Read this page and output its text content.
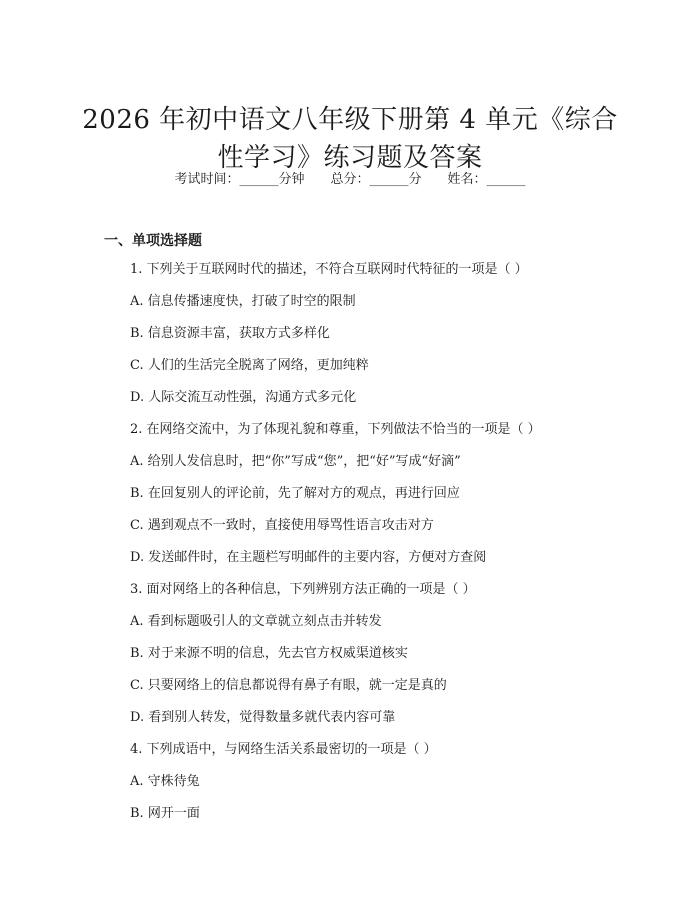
2026 年初中语文八年级下册第 4 单元《综合
性学习》练习题及答案
考试时间：______分钟 总分：______分 姓名：______
一、单项选择题
1. 下列关于互联网时代的描述，不符合互联网时代特征的一项是（ ）
A. 信息传播速度快，打破了时空的限制
B. 信息资源丰富，获取方式多样化
C. 人们的生活完全脱离了网络，更加纯粹
D. 人际交流互动性强，沟通方式多元化
2. 在网络交流中，为了体现礼貌和尊重，下列做法不恰当的一项是（ ）
A. 给别人发信息时，把“你”写成“您”，把“好”写成“好滴”
B. 在回复别人的评论前，先了解对方的观点，再进行回应
C. 遇到观点不一致时，直接使用辱骂性语言攻击对方
D. 发送邮件时，在主题栏写明邮件的主要内容，方便对方查阅
3. 面对网络上的各种信息，下列辨别方法正确的一项是（ ）
A. 看到标题吸引人的文章就立刻点击并转发
B. 对于来源不明的信息，先去官方权威渠道核实
C. 只要网络上的信息都说得有鼻子有眼，就一定是真的
D. 看到别人转发，觉得数量多就代表内容可靠
4. 下列成语中，与网络生活关系最密切的一项是（ ）
A. 守株待兔
B. 网开一面
